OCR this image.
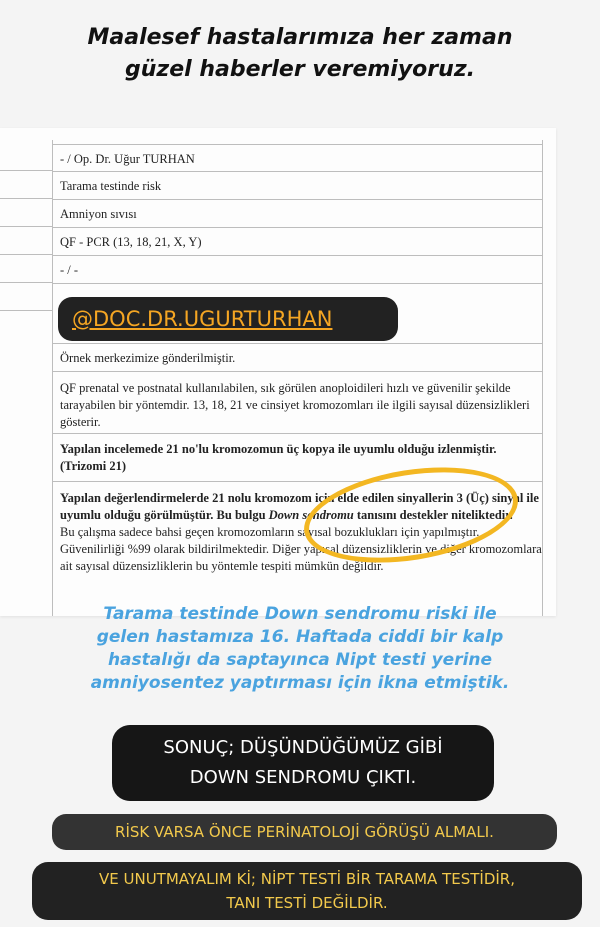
Maalesef hastalarımıza her zaman
güzel haberler veremiyoruz.
- / Op. Dr. Uğur TURHAN
Tarama testinde risk
Amniyon sıvısı
QF - PCR (13, 18, 21, X, Y)
- / -
Örnek merkezimize gönderilmiştir.
QF prenatal ve postnatal kullanılabilen, sık görülen anoploidileri hızlı ve güvenilir şekilde tarayabilen bir yöntemdir. 13, 18, 21 ve cinsiyet kromozomları ile ilgili sayısal düzensizlikleri gösterir.
Yapılan incelemede 21 no'lu kromozomun üç kopya ile uyumlu olduğu izlenmiştir. (Trizomi 21)

Yapılan değerlendirmelerde 21 nolu kromozom için elde edilen sinyallerin 3 (Üç) sinyal ile uyumlu olduğu görülmüştür. Bu bulgu Down sendromu tanısını destekler niteliktedir.

Bu çalışma sadece bahsi geçen kromozomların sayısal bozuklukları için yapılmıştır. Güvenilirliği %99 olarak bildirilmektedir. Diğer yapısal düzensizliklerin ve diğer kromozomlara ait sayısal düzensizliklerin bu yöntemle tespiti mümkün değildir.

@DOC.DR.UGURTURHAN
Tarama testinde Down sendromu riski ile
gelen hastamıza 16. Haftada ciddi bir kalp
hastalığı da saptayınca Nipt testi yerine
amniyosentez yaptırması için ikna etmiştik.
SONUÇ; DÜŞÜNDÜĞÜMÜZ GİBİ
DOWN SENDROMU ÇIKTI.
RİSK VARSA ÖNCE PERİNATOLOJİ GÖRÜŞÜ ALMALI.
VE UNUTMAYALIM Kİ; NİPT TESTİ BİR TARAMA TESTİDİR,
TANI TESTİ DEĞİLDİR.
